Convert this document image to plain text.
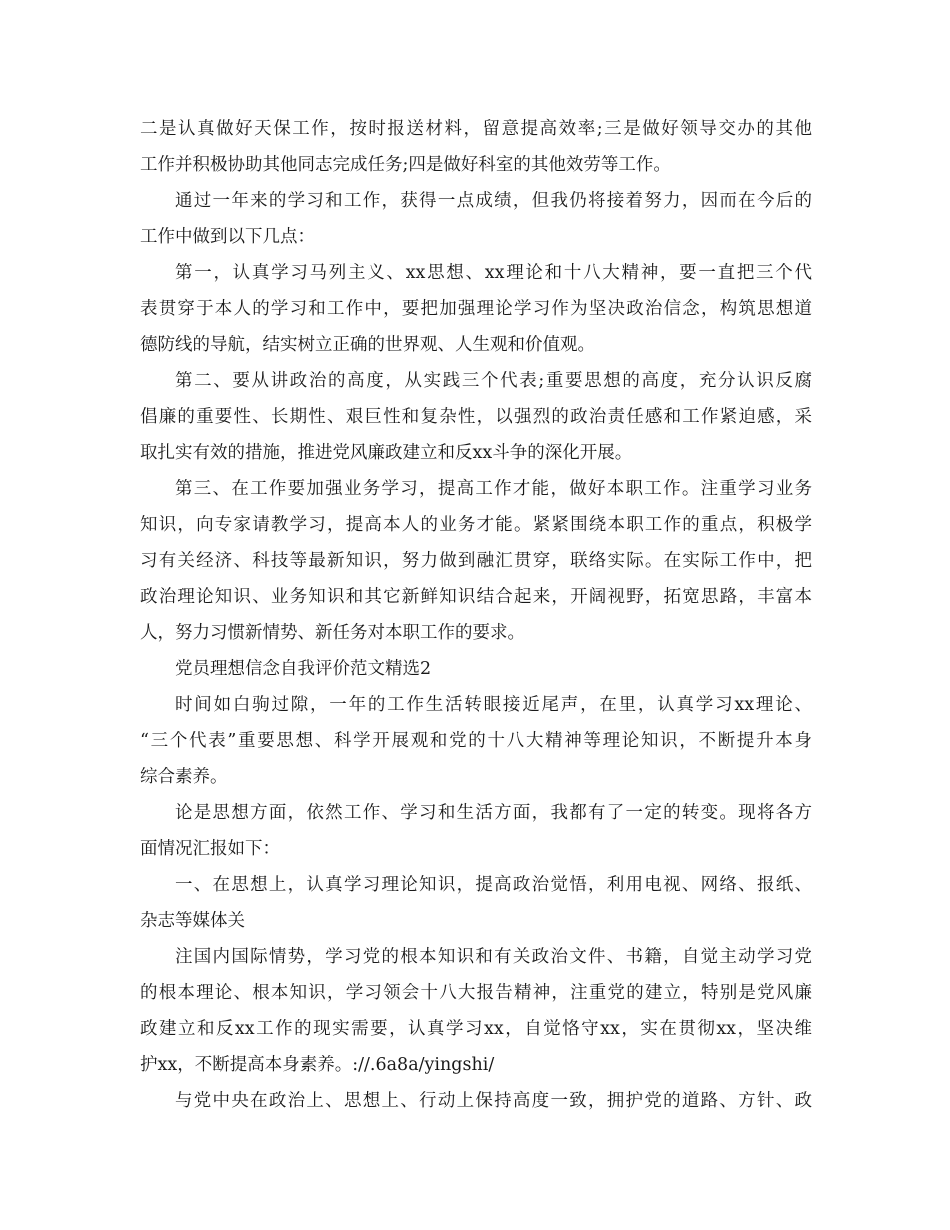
二是认真做好天保工作，按时报送材料，留意提高效率;三是做好领导交办的其他
工作并积极协助其他同志完成任务;四是做好科室的其他效劳等工作。
通过一年来的学习和工作，获得一点成绩，但我仍将接着努力，因而在今后的
工作中做到以下几点：
第一，认真学习马列主义、xx思想、xx理论和十八大精神，要一直把三个代
表贯穿于本人的学习和工作中，要把加强理论学习作为坚决政治信念，构筑思想道
德防线的导航，结实树立正确的世界观、人生观和价值观。
第二、要从讲政治的高度，从实践三个代表;重要思想的高度，充分认识反腐
倡廉的重要性、长期性、艰巨性和复杂性，以强烈的政治责任感和工作紧迫感，采
取扎实有效的措施，推进党风廉政建立和反xx斗争的深化开展。
第三、在工作要加强业务学习，提高工作才能，做好本职工作。注重学习业务
知识，向专家请教学习，提高本人的业务才能。紧紧围绕本职工作的重点，积极学
习有关经济、科技等最新知识，努力做到融汇贯穿，联络实际。在实际工作中，把
政治理论知识、业务知识和其它新鲜知识结合起来，开阔视野，拓宽思路，丰富本
人，努力习惯新情势、新任务对本职工作的要求。
党员理想信念自我评价范文精选2
时间如白驹过隙，一年的工作生活转眼接近尾声，在里，认真学习xx理论、
“三个代表”重要思想、科学开展观和党的十八大精神等理论知识，不断提升本身
综合素养。
论是思想方面，依然工作、学习和生活方面，我都有了一定的转变。现将各方
面情况汇报如下：
一、在思想上，认真学习理论知识，提高政治觉悟，利用电视、网络、报纸、
杂志等媒体关
注国内国际情势，学习党的根本知识和有关政治文件、书籍，自觉主动学习党
的根本理论、根本知识，学习领会十八大报告精神，注重党的建立，特别是党风廉
政建立和反xx工作的现实需要，认真学习xx，自觉恪守xx，实在贯彻xx，坚决维
护xx，不断提高本身素养。://.6a8a/yingshi/
与党中央在政治上、思想上、行动上保持高度一致，拥护党的道路、方针、政
